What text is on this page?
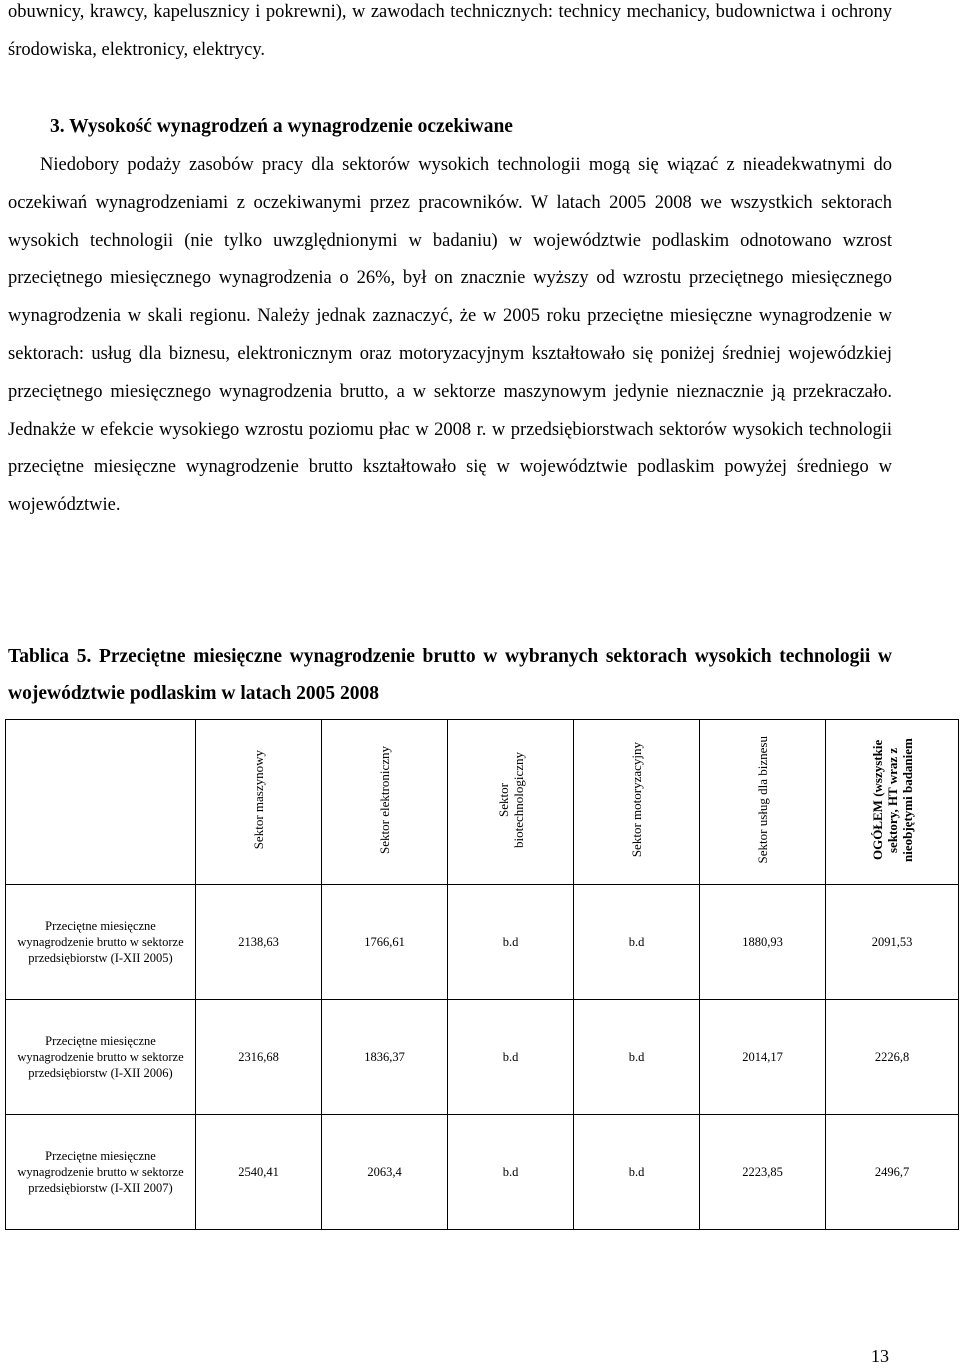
obuwnicy, krawcy, kapelusznicy i pokrewni), w zawodach technicznych: technicy mechanicy, budownictwa i ochrony środowiska, elektronicy, elektrycy.

3. Wysokość wynagrodzeń a wynagrodzenie oczekiwane

Niedobory podaży zasobów pracy dla sektorów wysokich technologii mogą się wiązać z nieadekwatnymi do oczekiwań wynagrodzeniami z oczekiwanymi przez pracowników. W latach 2005 2008 we wszystkich sektorach wysokich technologii (nie tylko uwzględnionymi w badaniu) w województwie podlaskim odnotowano wzrost przeciętnego miesięcznego wynagrodzenia o 26%, był on znacznie wyższy od wzrostu przeciętnego miesięcznego wynagrodzenia w skali regionu. Należy jednak zaznaczyć, że w 2005 roku przeciętne miesięczne wynagrodzenie w sektorach: usług dla biznesu, elektronicznym oraz motoryzacyjnym kształtowało się poniżej średniej wojewódzkiej przeciętnego miesięcznego wynagrodzenia brutto, a w sektorze maszynowym jedynie nieznacznie ją przekraczało. Jednakże w efekcie wysokiego wzrostu poziomu płac w 2008 r. w przedsiębiorstwach sektorów wysokich technologii przeciętne miesięczne wynagrodzenie brutto kształtowało się w województwie podlaskim powyżej średniego w województwie.

Tablica 5. Przeciętne miesięczne wynagrodzenie brutto w wybranych sektorach wysokich technologii w województwie podlaskim w latach 2005 2008

	Sektor maszynowy	Sektor elektroniczny	Sektor biotechnologiczny	Sektor motoryzacyjny	Sektor usług dla biznesu	OGÓŁEM (wszystkie sektory, HT wraz z nieobjętymi badaniem
Przeciętne miesięczne wynagrodzenie brutto w sektorze przedsiębiorstw (I-XII 2005)	2138,63	1766,61	b.d	b.d	1880,93	2091,53
Przeciętne miesięczne wynagrodzenie brutto w sektorze przedsiębiorstw (I-XII 2006)	2316,68	1836,37	b.d	b.d	2014,17	2226,8
Przeciętne miesięczne wynagrodzenie brutto w sektorze przedsiębiorstw (I-XII 2007)	2540,41	2063,4	b.d	b.d	2223,85	2496,7

13
